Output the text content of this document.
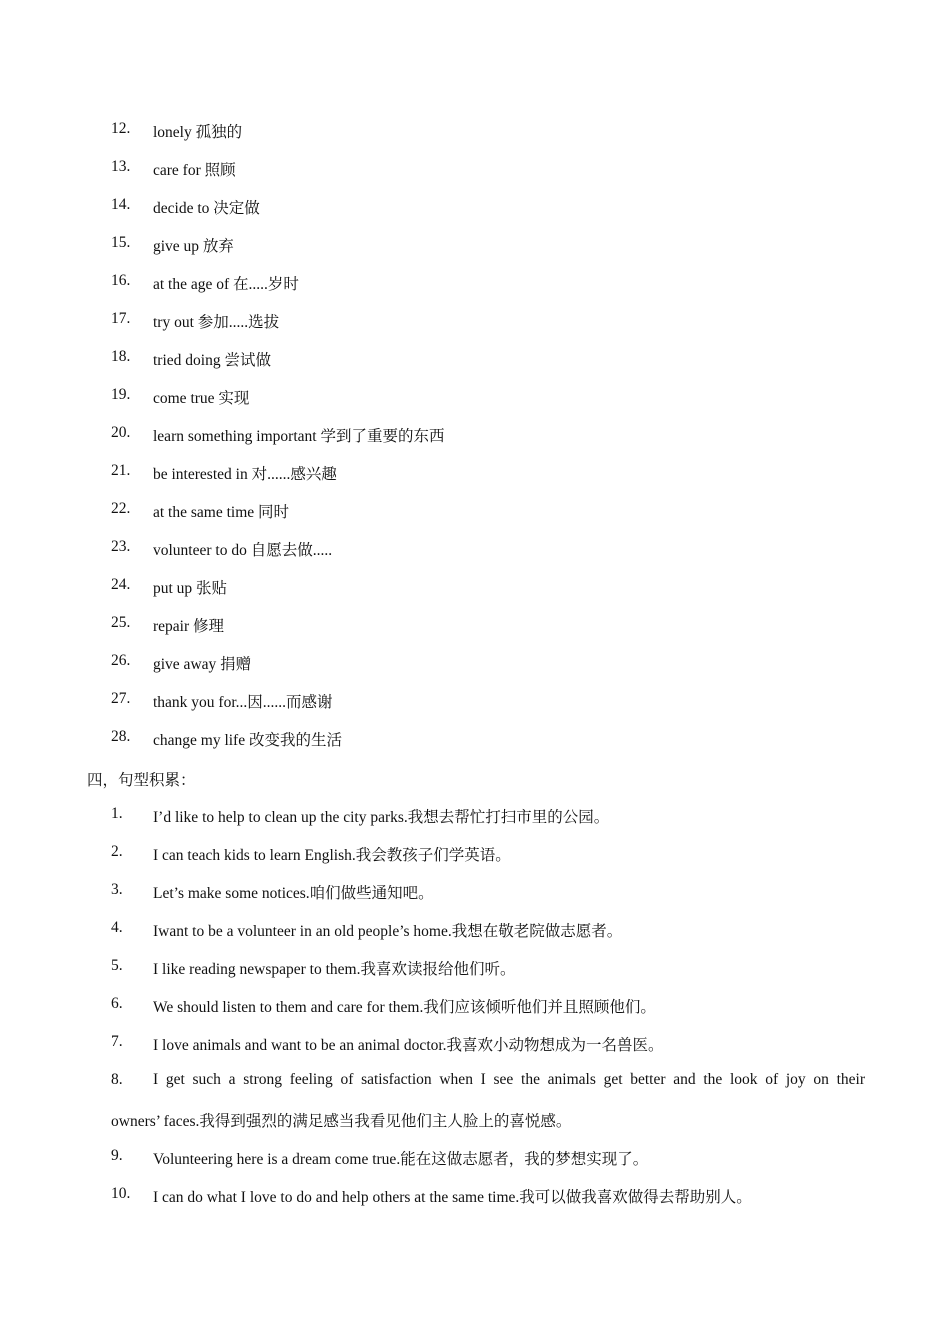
12. lonely 孤独的
13. care for 照顾
14. decide to 决定做
15. give up 放弃
16. at the age of 在.....岁时
17. try out 参加.....选拔
18. tried doing 尝试做
19. come true 实现
20. learn something important 学到了重要的东西
21. be interested in 对......感兴趣
22. at the same time 同时
23. volunteer to do 自愿去做.....
24. put up 张贴
25. repair 修理
26. give away 捐赠
27. thank you for...因......而感谢
28. change my life 改变我的生活
四，句型积累：
1. I’d like to help to clean up the city parks.我想去帮忙打扫市里的公园。
2. I can teach kids to learn English.我会教孩子们学英语。
3. Let’s make some notices.咱们做些通知吧。
4. Iwant to be a volunteer in an old people’s home.我想在敬老院做志愿者。
5. I like reading newspaper to them.我喜欢读报给他们听。
6. We should listen to them and care for them.我们应该倾听他们并且照顾他们。
7. I love animals and want to be an animal doctor.我喜欢小动物想成为一名兽医。
8. I get such a strong feeling of satisfaction when I see the animals get better and the look of joy on their
owners’ faces.我得到强烈的满足感当我看见他们主人脸上的喜悦感。
9. Volunteering here is a dream come true.能在这做志愿者，我的梦想实现了。
10. I can do what I love to do and help others at the same time.我可以做我喜欢做得去帮助别人。
